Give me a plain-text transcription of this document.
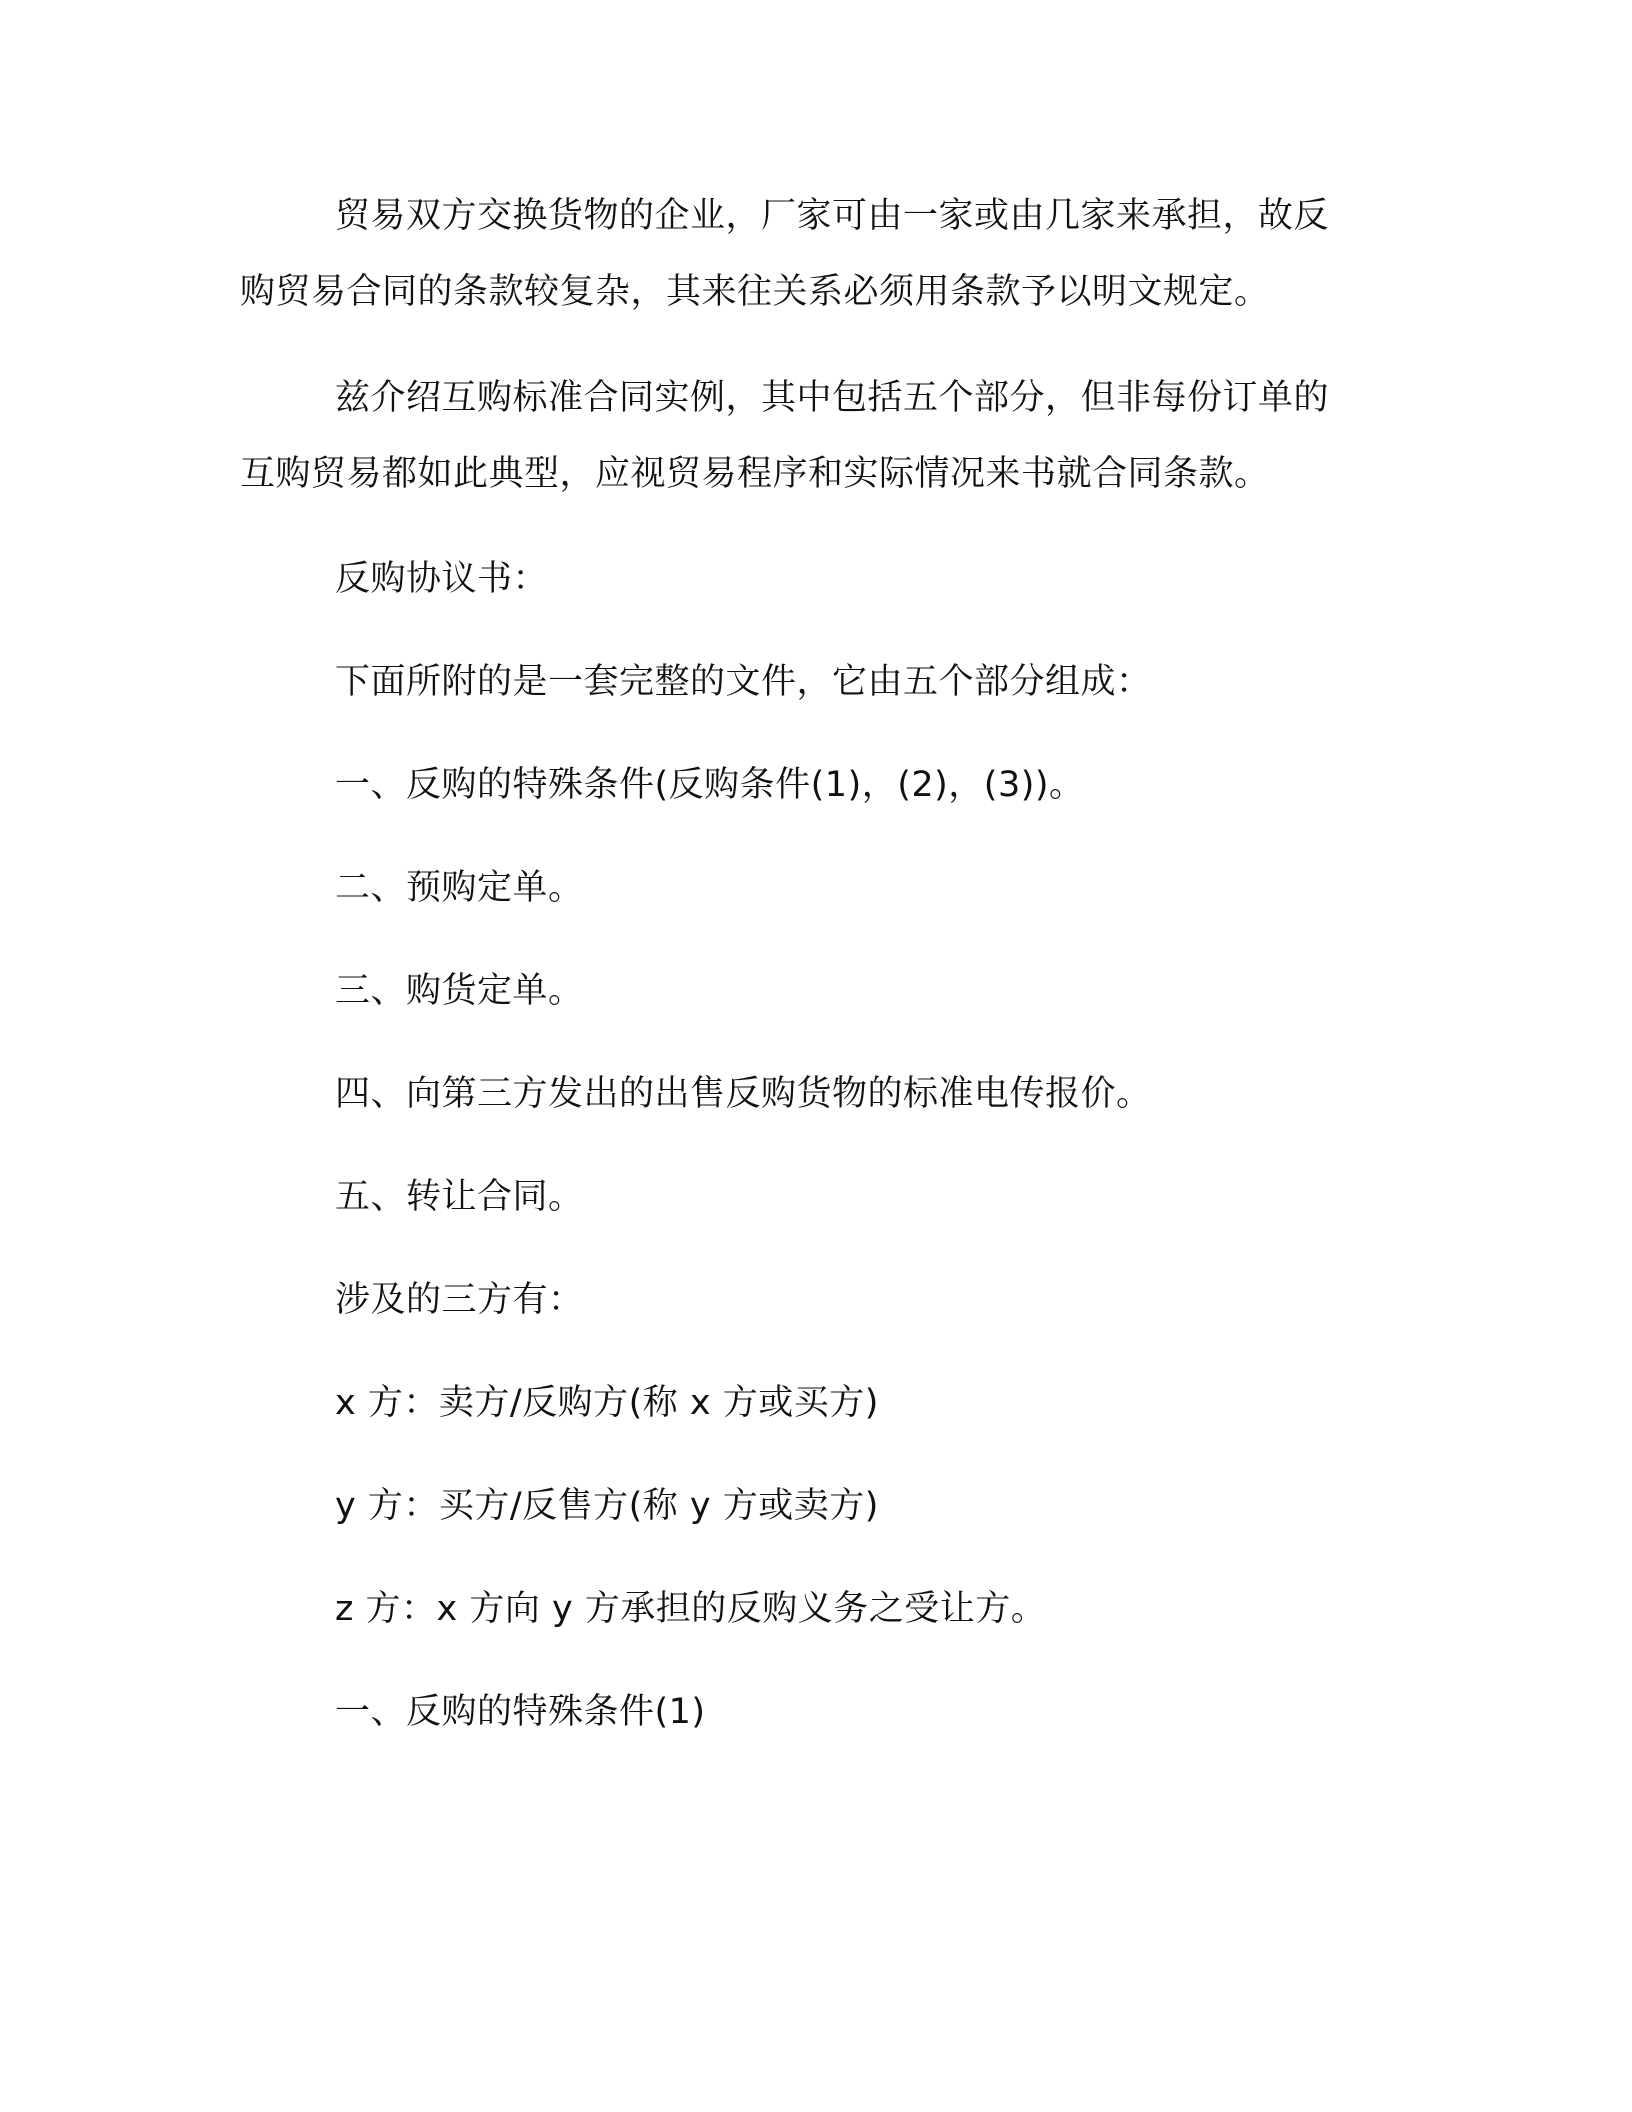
贸易双方交换货物的企业，厂家可由一家或由几家来承担，故反
购贸易合同的条款较复杂，其来往关系必须用条款予以明文规定。
兹介绍互购标准合同实例，其中包括五个部分，但非每份订单的
互购贸易都如此典型，应视贸易程序和实际情况来书就合同条款。
反购协议书：
下面所附的是一套完整的文件，它由五个部分组成：
一、反购的特殊条件(反购条件(1)，(2)，(3))。
二、预购定单。
三、购货定单。
四、向第三方发出的出售反购货物的标准电传报价。
五、转让合同。
涉及的三方有：
x 方：卖方/反购方(称 x 方或买方)
y 方：买方/反售方(称 y 方或卖方)
z 方：x 方向 y 方承担的反购义务之受让方。
一、反购的特殊条件(1)
